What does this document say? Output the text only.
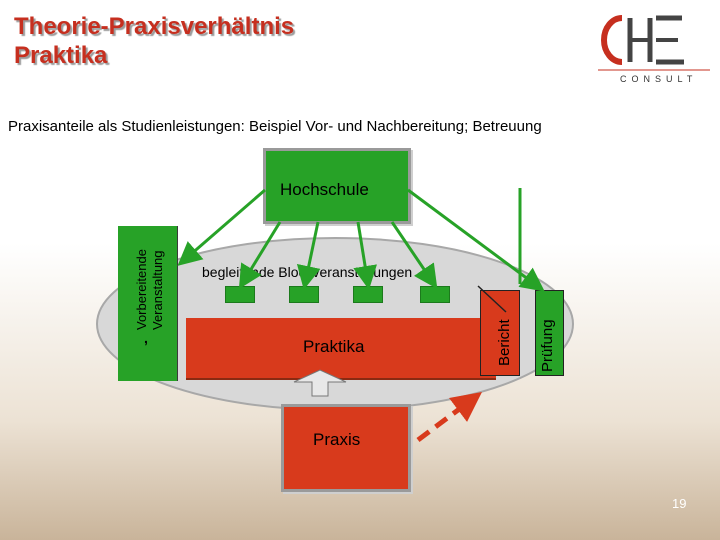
Theorie-Praxisverhältnis
Praktika
CONSULT
Praxisanteile als Studienleistungen: Beispiel Vor- und Nachbereitung; Betreuung
Vorbereitende Veranstaltung
,
Hochschule
begleitende Blockveranstaltungen
Praktika	Bericht Prüfung
Praxis
19
